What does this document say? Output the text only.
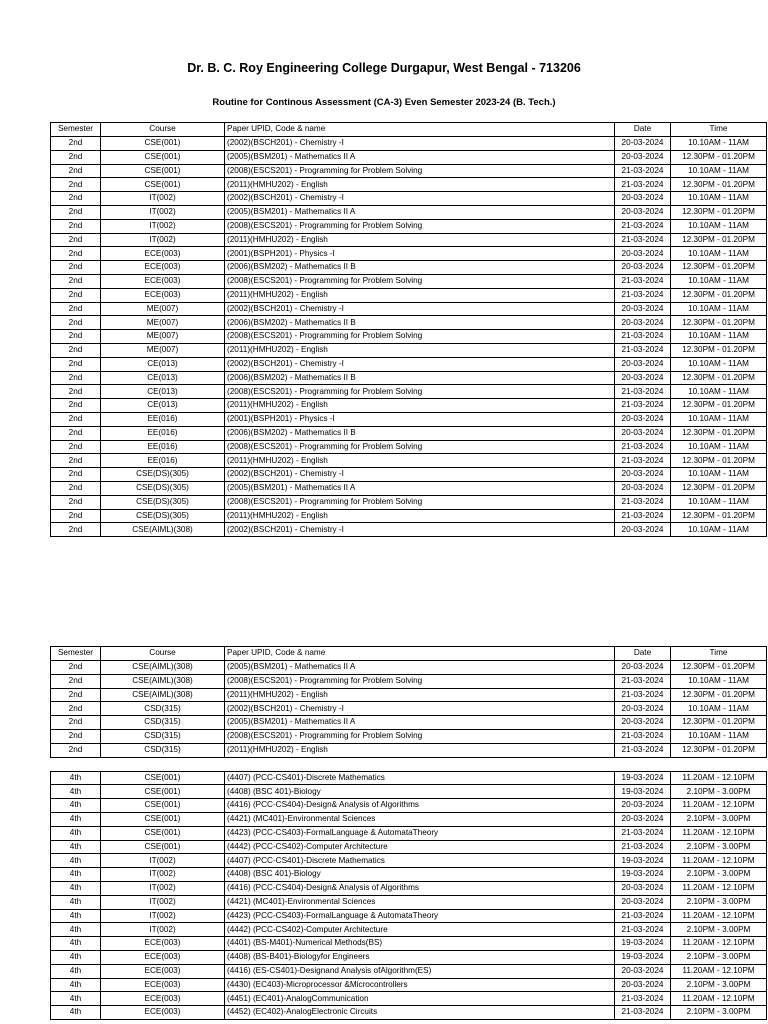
Dr. B. C. Roy Engineering College Durgapur, West Bengal - 713206
Routine for Continous Assessment (CA-3) Even Semester 2023-24 (B. Tech.)
Semester	Course	Paper UPID, Code & name	Date	Time
2nd	CSE(001)	(2002)(BSCH201) - Chemistry -I	20-03-2024	10.10AM - 11AM
2nd	CSE(001)	(2005)(BSM201) - Mathematics II A	20-03-2024	12.30PM - 01.20PM
2nd	CSE(001)	(2008)(ESCS201) - Programming for Problem Solving	21-03-2024	10.10AM - 11AM
2nd	CSE(001)	(2011)(HMHU202) - English	21-03-2024	12.30PM - 01.20PM
2nd	IT(002)	(2002)(BSCH201) - Chemistry -I	20-03-2024	10.10AM - 11AM
2nd	IT(002)	(2005)(BSM201) - Mathematics II A	20-03-2024	12.30PM - 01.20PM
2nd	IT(002)	(2008)(ESCS201) - Programming for Problem Solving	21-03-2024	10.10AM - 11AM
2nd	IT(002)	(2011)(HMHU202) - English	21-03-2024	12.30PM - 01.20PM
2nd	ECE(003)	(2001)(BSPH201) - Physics -I	20-03-2024	10.10AM - 11AM
2nd	ECE(003)	(2006)(BSM202) - Mathematics II B	20-03-2024	12.30PM - 01.20PM
2nd	ECE(003)	(2008)(ESCS201) - Programming for Problem Solving	21-03-2024	10.10AM - 11AM
2nd	ECE(003)	(2011)(HMHU202) - English	21-03-2024	12.30PM - 01.20PM
2nd	ME(007)	(2002)(BSCH201) - Chemistry -I	20-03-2024	10.10AM - 11AM
2nd	ME(007)	(2006)(BSM202) - Mathematics II B	20-03-2024	12.30PM - 01.20PM
2nd	ME(007)	(2008)(ESCS201) - Programming for Problem Solving	21-03-2024	10.10AM - 11AM
2nd	ME(007)	(2011)(HMHU202) - English	21-03-2024	12.30PM - 01.20PM
2nd	CE(013)	(2002)(BSCH201) - Chemistry -I	20-03-2024	10.10AM - 11AM
2nd	CE(013)	(2006)(BSM202) - Mathematics II B	20-03-2024	12.30PM - 01.20PM
2nd	CE(013)	(2008)(ESCS201) - Programming for Problem Solving	21-03-2024	10.10AM - 11AM
2nd	CE(013)	(2011)(HMHU202) - English	21-03-2024	12.30PM - 01.20PM
2nd	EE(016)	(2001)(BSPH201) - Physics -I	20-03-2024	10.10AM - 11AM
2nd	EE(016)	(2006)(BSM202) - Mathematics II B	20-03-2024	12.30PM - 01.20PM
2nd	EE(016)	(2008)(ESCS201) - Programming for Problem Solving	21-03-2024	10.10AM - 11AM
2nd	EE(016)	(2011)(HMHU202) - English	21-03-2024	12.30PM - 01.20PM
2nd	CSE(DS)(305)	(2002)(BSCH201) - Chemistry -I	20-03-2024	10.10AM - 11AM
2nd	CSE(DS)(305)	(2005)(BSM201) - Mathematics II A	20-03-2024	12.30PM - 01.20PM
2nd	CSE(DS)(305)	(2008)(ESCS201) - Programming for Problem Solving	21-03-2024	10.10AM - 11AM
2nd	CSE(DS)(305)	(2011)(HMHU202) - English	21-03-2024	12.30PM - 01.20PM
2nd	CSE(AIML)(308)	(2002)(BSCH201) - Chemistry -I	20-03-2024	10.10AM - 11AM
Semester	Course	Paper UPID, Code & name	Date	Time
2nd	CSE(AIML)(308)	(2005)(BSM201) - Mathematics II A	20-03-2024	12.30PM - 01.20PM
2nd	CSE(AIML)(308)	(2008)(ESCS201) - Programming for Problem Solving	21-03-2024	10.10AM - 11AM
2nd	CSE(AIML)(308)	(2011)(HMHU202) - English	21-03-2024	12.30PM - 01.20PM
2nd	CSD(315)	(2002)(BSCH201) - Chemistry -I	20-03-2024	10.10AM - 11AM
2nd	CSD(315)	(2005)(BSM201) - Mathematics II A	20-03-2024	12.30PM - 01.20PM
2nd	CSD(315)	(2008)(ESCS201) - Programming for Problem Solving	21-03-2024	10.10AM - 11AM
2nd	CSD(315)	(2011)(HMHU202) - English	21-03-2024	12.30PM - 01.20PM

4th	CSE(001)	(4407) (PCC-CS401)-Discrete Mathematics	19-03-2024	11.20AM - 12.10PM
4th	CSE(001)	(4408) (BSC 401)-Biology	19-03-2024	2.10PM - 3.00PM
4th	CSE(001)	(4416) (PCC-CS404)-Design& Analysis of Algorithms	20-03-2024	11.20AM - 12.10PM
4th	CSE(001)	(4421) (MC401)-Environmental Sciences	20-03-2024	2.10PM - 3.00PM
4th	CSE(001)	(4423) (PCC-CS403)-FormalLanguage & AutomataTheory	21-03-2024	11.20AM - 12.10PM
4th	CSE(001)	(4442) (PCC-CS402)-Computer Architecture	21-03-2024	2.10PM - 3.00PM
4th	IT(002)	(4407) (PCC-CS401)-Discrete Mathematics	19-03-2024	11.20AM - 12.10PM
4th	IT(002)	(4408) (BSC 401)-Biology	19-03-2024	2.10PM - 3.00PM
4th	IT(002)	(4416) (PCC-CS404)-Design& Analysis of Algorithms	20-03-2024	11.20AM - 12.10PM
4th	IT(002)	(4421) (MC401)-Environmental Sciences	20-03-2024	2.10PM - 3.00PM
4th	IT(002)	(4423) (PCC-CS403)-FormalLanguage & AutomataTheory	21-03-2024	11.20AM - 12.10PM
4th	IT(002)	(4442) (PCC-CS402)-Computer Architecture	21-03-2024	2.10PM - 3.00PM
4th	ECE(003)	(4401) (BS-M401)-Numerical Methods(BS)	19-03-2024	11.20AM - 12.10PM
4th	ECE(003)	(4408) (BS-B401)-Biologyfor Engineers	19-03-2024	2.10PM - 3.00PM
4th	ECE(003)	(4416) (ES-CS401)-Designand Analysis ofAlgorithm(ES)	20-03-2024	11.20AM - 12.10PM
4th	ECE(003)	(4430) (EC403)-Microprocessor &Microcontrollers	20-03-2024	2.10PM - 3.00PM
4th	ECE(003)	(4451) (EC401)-AnalogCommunication	21-03-2024	11.20AM - 12.10PM
4th	ECE(003)	(4452) (EC402)-AnalogElectronic Circuits	21-03-2024	2.10PM - 3.00PM
